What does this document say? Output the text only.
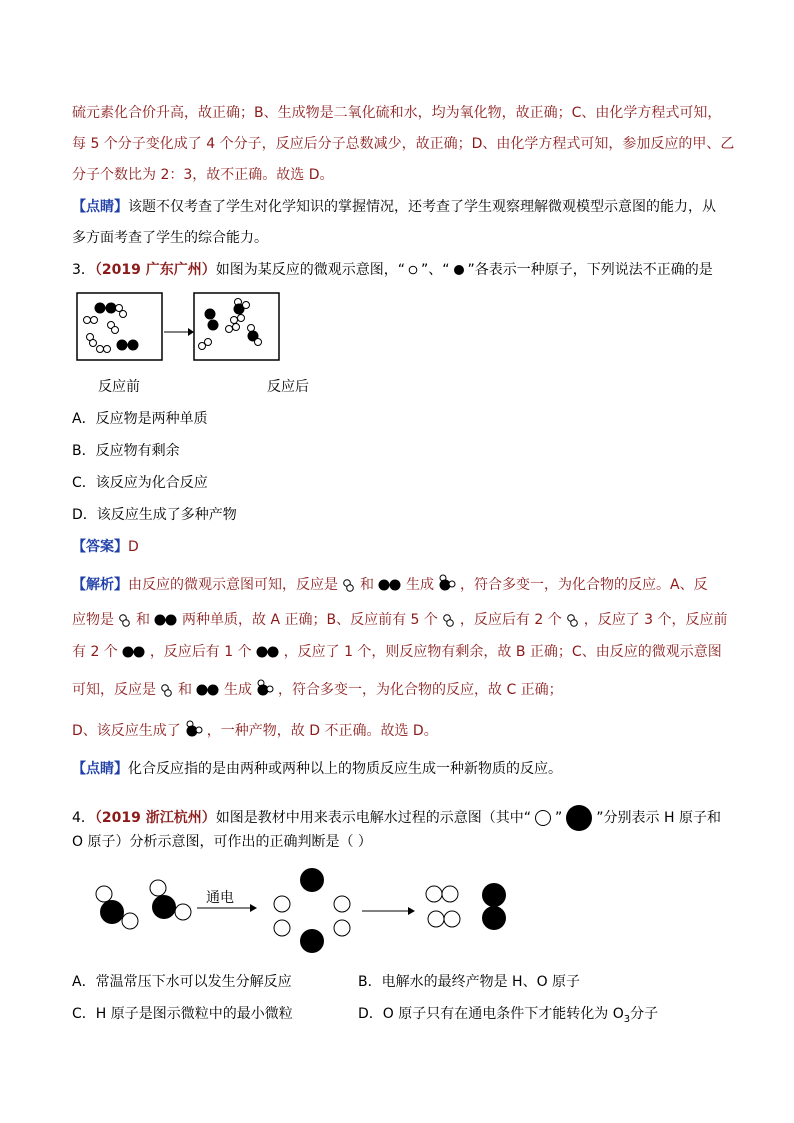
硫元素化合价升高，故正确；B、生成物是二氧化硫和水，均为氧化物，故正确；C、由化学方程式可知，
每 5 个分子变化成了 4 个分子，反应后分子总数减少，故正确；D、由化学方程式可知，参加反应的甲、乙
分子个数比为 2：3，故不正确。故选 D。
【点睛】该题不仅考查了学生对化学知识的掌握情况，还考查了学生观察理解微观模型示意图的能力，从
多方面考查了学生的综合能力。
3．（2019 广东广州）如图为某反应的微观示意图，“ ”、“ ”各表示一种原子，下列说法不正确的是
反应前	反应后
A．反应物是两种单质
B．反应物有剩余
C．该反应为化合反应
D．该反应生成了多种产物
【答案】D
【解析】由反应的微观示意图可知，反应是 和 生成 ，符合多变一，为化合物的反应。A、反
应物是 和 两种单质，故 A 正确；B、反应前有 5 个 ，反应后有 2 个 ，反应了 3 个，反应前
有 2 个 ，反应后有 1 个 ，反应了 1 个，则反应物有剩余，故 B 正确；C、由反应的微观示意图
可知，反应是 和 生成 ，符合多变一，为化合物的反应，故 C 正确；
D、该反应生成了 ，一种产物，故 D 不正确。故选 D。
【点睛】化合反应指的是由两种或两种以上的物质反应生成一种新物质的反应。
4．（2019 浙江杭州）如图是教材中用来表示电解水过程的示意图（其中“ ” ”分别表示 H 原子和
O 原子）分析示意图，可作出的正确判断是（ ）
通电
A．常温常压下水可以发生分解反应	B．电解水的最终产物是 H、O 原子
C．H 原子是图示微粒中的最小微粒	D．O 原子只有在通电条件下才能转化为 $O_3$分子
